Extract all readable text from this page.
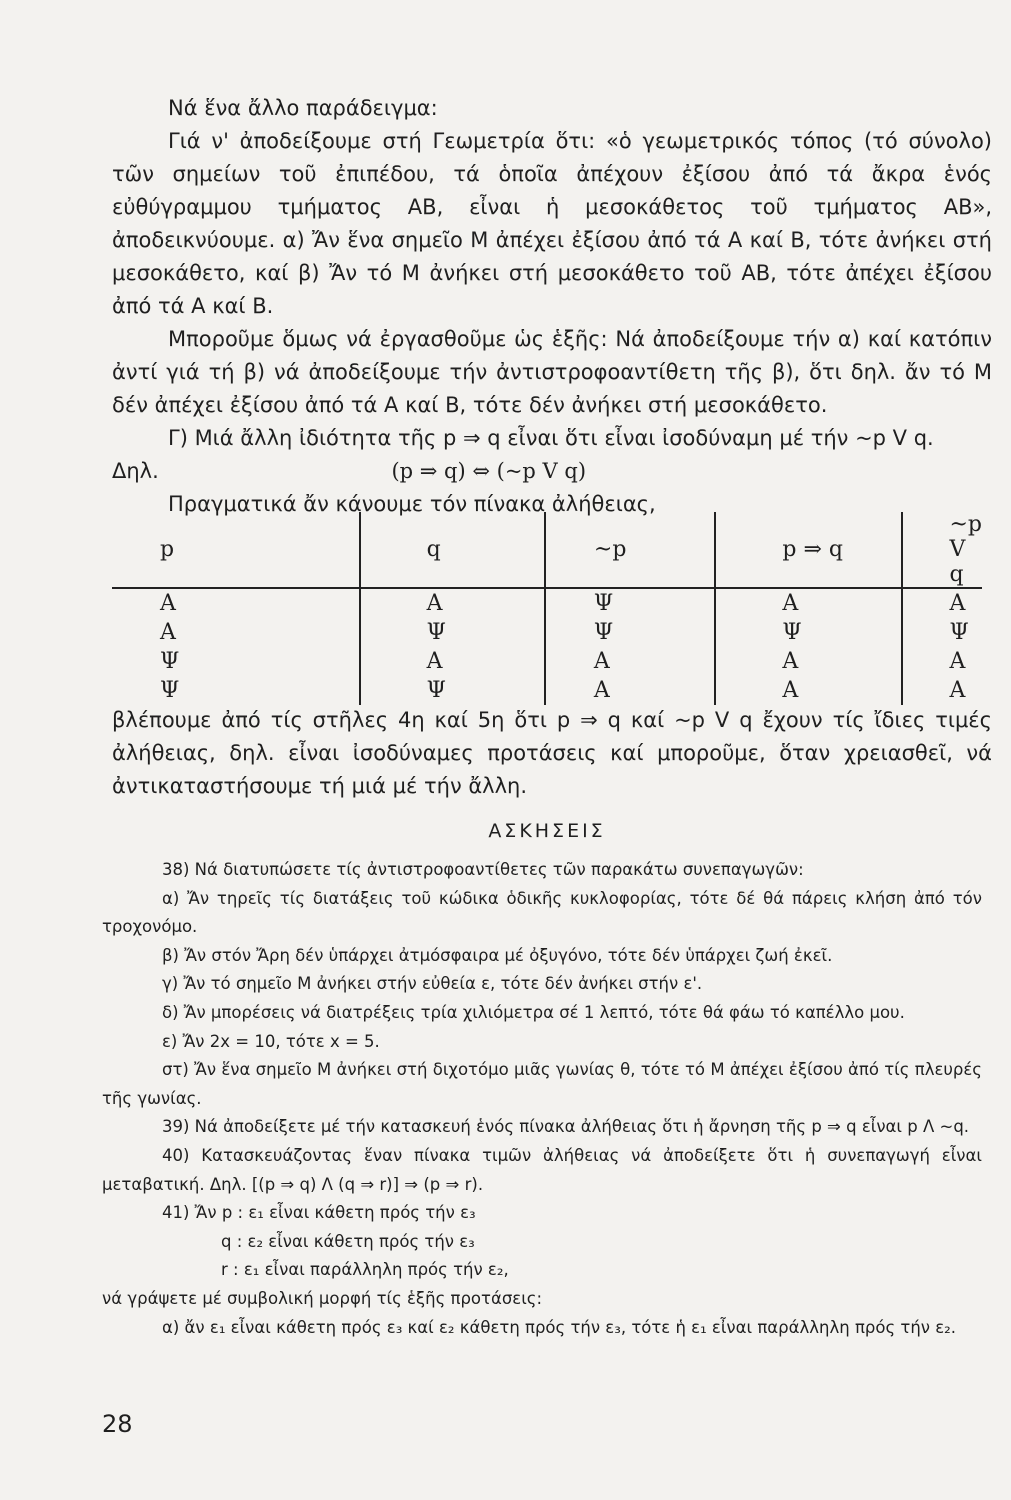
Νά ἕνα ἄλλο παράδειγμα:

Γιά ν' ἀποδείξουμε στή Γεωμετρία ὅτι: «ὁ γεωμετρικός τόπος (τό σύνολο) τῶν σημείων τοῦ ἐπιπέδου, τά ὁποῖα ἀπέχουν ἐξίσου ἀπό τά ἄκρα ἑνός εὐθύγραμμου τμήματος ΑΒ, εἶναι ἡ μεσοκάθετος τοῦ τμήματος ΑΒ», ἀποδεικνύουμε. α) Ἄν ἕνα σημεῖο Μ ἀπέχει ἐξίσου ἀπό τά Α καί Β, τότε ἀνήκει στή μεσοκάθετο, καί β) Ἄν τό Μ ἀνήκει στή μεσοκάθετο τοῦ ΑΒ, τότε ἀπέχει ἐξίσου ἀπό τά Α καί Β.

Μποροῦμε ὅμως νά ἐργασθοῦμε ὡς ἑξῆς: Νά ἀποδείξουμε τήν α) καί κατόπιν ἀντί γιά τή β) νά ἀποδείξουμε τήν ἀντιστροφοαντίθετη τῆς β), ὅτι δηλ. ἄν τό Μ δέν ἀπέχει ἐξίσου ἀπό τά Α καί Β, τότε δέν ἀνήκει στή μεσοκάθετο.

Γ) Μιά ἄλλη ἰδιότητα τῆς p ⇒ q εἶναι ὅτι εἶναι ἰσοδύναμη μέ τήν ~p V q.

Δηλ.	(p ⇒ q) ⇔ (~p V q)

Πραγματικά ἄν κάνουμε τόν πίνακα ἀλήθειας,

p	q	~p	p ⇒ q	~p V q
Α	Α	Ψ	Α	Α
Α	Ψ	Ψ	Ψ	Ψ
Ψ	Α	Α	Α	Α
Ψ	Ψ	Α	Α	Α

βλέπουμε ἀπό τίς στῆλες 4η καί 5η ὅτι p ⇒ q καί ~p V q ἔχουν τίς ἴδιες τιμές ἀλήθειας, δηλ. εἶναι ἰσοδύναμες προτάσεις καί μποροῦμε, ὅταν χρειασθεῖ, νά ἀντικαταστήσουμε τή μιά μέ τήν ἄλλη.

ΑΣΚΗΣΕΙΣ

38) Νά διατυπώσετε τίς ἀντιστροφοαντίθετες τῶν παρακάτω συνεπαγωγῶν:

α) Ἄν τηρεῖς τίς διατάξεις τοῦ κώδικα ὁδικῆς κυκλοφορίας, τότε δέ θά πάρεις κλήση ἀπό τόν τροχονόμο.

β) Ἄν στόν Ἄρη δέν ὑπάρχει ἀτμόσφαιρα μέ ὀξυγόνο, τότε δέν ὑπάρχει ζωή ἐκεῖ.

γ) Ἄν τό σημεῖο Μ ἀνήκει στήν εὐθεία ε, τότε δέν ἀνήκει στήν ε'.

δ) Ἄν μπορέσεις νά διατρέξεις τρία χιλιόμετρα σέ 1 λεπτό, τότε θά φάω τό καπέλλο μου.

ε) Ἄν 2x = 10, τότε x = 5.

στ) Ἄν ἕνα σημεῖο Μ ἀνήκει στή διχοτόμο μιᾶς γωνίας θ, τότε τό Μ ἀπέχει ἐξίσου ἀπό τίς πλευρές τῆς γωνίας.

39) Νά ἀποδείξετε μέ τήν κατασκευή ἑνός πίνακα ἀλήθειας ὅτι ἡ ἄρνηση τῆς p ⇒ q εἶναι p Λ ~q.

40) Κατασκευάζοντας ἕναν πίνακα τιμῶν ἀλήθειας νά ἀποδείξετε ὅτι ἡ συνεπαγωγή εἶναι μεταβατική. Δηλ. [(p ⇒ q) Λ (q ⇒ r)] ⇒ (p ⇒ r).

41) Ἄν p : ε₁ εἶναι κάθετη πρός τήν ε₃

q : ε₂ εἶναι κάθετη πρός τήν ε₃

r : ε₁ εἶναι παράλληλη πρός τήν ε₂,

νά γράψετε μέ συμβολική μορφή τίς ἑξῆς προτάσεις:

α) ἄν ε₁ εἶναι κάθετη πρός ε₃ καί ε₂ κάθετη πρός τήν ε₃, τότε ἡ ε₁ εἶναι παράλληλη πρός τήν ε₂.

28
